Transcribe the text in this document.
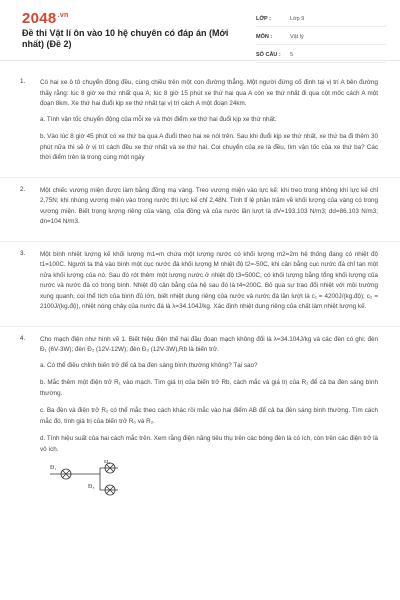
$2048^{.vn}$
Đề thi Vật lí ôn vào 10 hệ chuyên có đáp án (Mới nhất) (Đề 2)
LỚP :	Lớp 9
MÔN :	Vật lý
SỐ CÂU :	5
1. Có hai xe ô tô chuyển động đều, cùng chiều trên một con đường thẳng. Một người đứng cố định tại vị trí A bên đường thấy rằng: lúc 8 giờ xe thứ nhất qua A; lúc 8 giờ 15 phút xe thứ hai qua A còn xe thứ nhất đi qua cột mốc cách A một đoạn 8km. Xe thứ hai đuổi kịp xe thứ nhất tại vị trí cách A một đoạn 24km.

a. Tính vận tốc chuyển động của mỗi xe và thời điểm xe thứ hai đuổi kịp xe thứ nhất.

b. Vào lúc 8 giờ 45 phút có xe thứ ba qua A đuổi theo hai xe nói trên. Sau khi đuổi kịp xe thứ nhất, xe thứ ba đi thêm 30 phút nữa thì sẽ ở vị trí cách đều xe thứ nhất và xe thứ hai. Coi chuyển của xe là đều, tìm vận tốc của xe thứ ba? Các thời điểm trên là trong cùng một ngày

2. Một chiếc vương miện được làm bằng đồng mạ vàng. Treo vương miện vào lực kế: khi treo trong không khí lực kế chỉ 2,75N; khi nhúng vương miện vào trong nước thì lực kế chỉ 2,48N. Tính tỉ lệ phần trăm về khối lượng của vàng có trong vương miện. Biết trọng lượng riêng của vàng, của đồng và của nước lần lượt là dV=193.103 N/m3; dd=86.103 N/m3; dn=104 N/m3.

3. Một bình nhiệt lượng kế khối lượng m1=m chứa một lượng nước có khối lượng m2=2m hệ thống đang có nhiệt độ t1=100C. Người ta thả vào bình một cục nước đá khối lượng M nhiệt độ t2=-50C, khi cân bằng cục nước đá chỉ tan một nửa khối lượng của nó. Sau đó rót thêm một lượng nước ở nhiệt độ t3=500C, có khối lượng bằng tổng khối lượng của nước và nước đá có trong bình. Nhiệt độ cân bằng của hệ sau đó là t4=200C. Bỏ qua sự trao đổi nhiệt với môi trường xung quanh, coi thể tích của bình đủ lớn, biết nhiệt dung riêng của nước và nước đá lần lượt là c₁ = 4200J/(kg.độ); c₂ = 2100J/(kg.độ), nhiệt nóng chảy của nước đá là λ=34.104J/kg. Xác định nhiệt dung riêng của chất làm nhiệt lượng kế.

4. Cho mạch điện như hình vẽ 1. Biết hiệu điện thế hai đầu đoạn mạch không đổi là λ=34.104J/kg và các đèn có ghi: đèn Đ₁ (6V-3W); đèn Đ₂ (12V-12W); đèn Đ₃ (12V-3W),Rb là biến trở.

a. Có thể điều chỉnh biến trở để cả ba đèn sáng bình thường không? Tại sao?

b. Mắc thêm một điện trở R₁ vào mạch. Tìm giá trị của biến trở Rb, cách mắc và giá trị của R₁ để cả ba đèn sáng bình thường.

c. Ba đèn và điện trở R₂ có thể mắc theo cách khác rồi mắc vào hai điểm AB để cả ba đèn sáng bình thường. Tìm cách mắc đó, tính giá trị của biến trở R₀ và R₂.

d. Tính hiệu suất của hai cách mắc trên. Xem rằng điện năng tiêu thụ trên các bóng đèn là có ích, còn trên các điện trở là vô ích.

Đ₁
Đ₂
Đ₃
